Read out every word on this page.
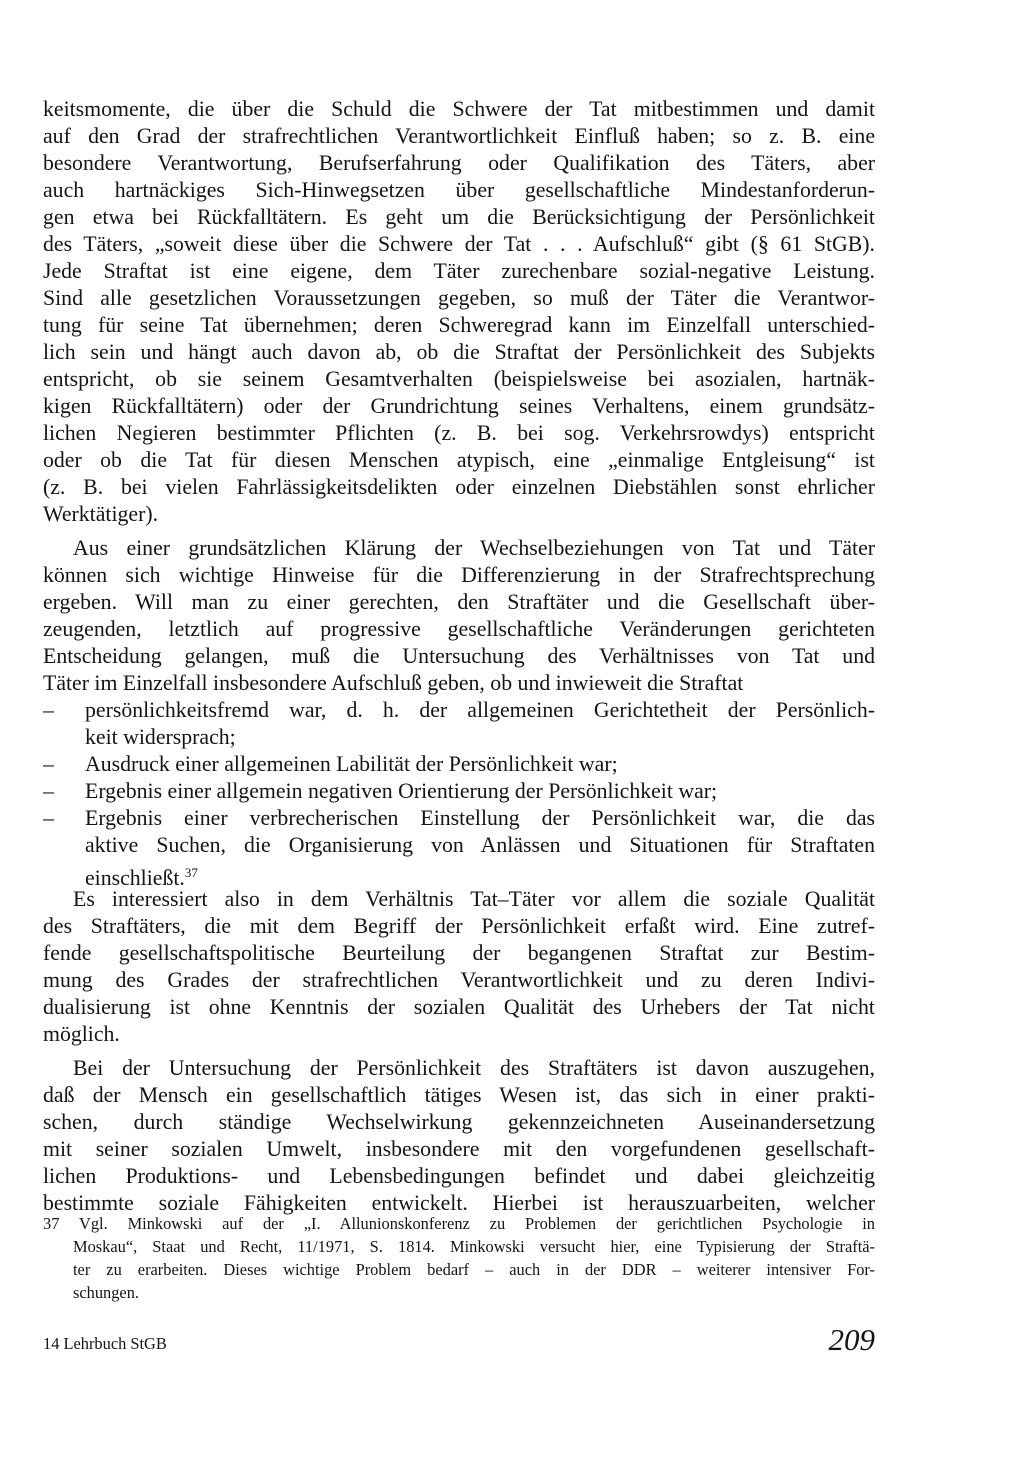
keitsmomente, die über die Schuld die Schwere der Tat mitbestimmen und damit
auf den Grad der strafrechtlichen Verantwortlichkeit Einfluß haben; so z. B. eine
besondere Verantwortung, Berufserfahrung oder Qualifikation des Täters, aber
auch hartnäckiges Sich-Hinwegsetzen über gesellschaftliche Mindestanforderun-
gen etwa bei Rückfalltätern. Es geht um die Berücksichtigung der Persönlichkeit
des Täters, „soweit diese über die Schwere der Tat . . . Aufschluß“ gibt (§ 61 StGB).
Jede Straftat ist eine eigene, dem Täter zurechenbare sozial-negative Leistung.
Sind alle gesetzlichen Voraussetzungen gegeben, so muß der Täter die Verantwor-
tung für seine Tat übernehmen; deren Schweregrad kann im Einzelfall unterschied-
lich sein und hängt auch davon ab, ob die Straftat der Persönlichkeit des Subjekts
entspricht, ob sie seinem Gesamtverhalten (beispielsweise bei asozialen, hartnäk-
kigen Rückfalltätern) oder der Grundrichtung seines Verhaltens, einem grundsätz-
lichen Negieren bestimmter Pflichten (z. B. bei sog. Verkehrsrowdys) entspricht
oder ob die Tat für diesen Menschen atypisch, eine „einmalige Entgleisung“ ist
(z. B. bei vielen Fahrlässigkeitsdelikten oder einzelnen Diebstählen sonst ehrlicher
Werktätiger).
Aus einer grundsätzlichen Klärung der Wechselbeziehungen von Tat und Täter
können sich wichtige Hinweise für die Differenzierung in der Strafrechtsprechung
ergeben. Will man zu einer gerechten, den Straftäter und die Gesellschaft über-
zeugenden, letztlich auf progressive gesellschaftliche Veränderungen gerichteten
Entscheidung gelangen, muß die Untersuchung des Verhältnisses von Tat und
Täter im Einzelfall insbesondere Aufschluß geben, ob und inwieweit die Straftat
– persönlichkeitsfremd war, d. h. der allgemeinen Gerichtetheit der Persönlich-
keit widersprach;
– Ausdruck einer allgemeinen Labilität der Persönlichkeit war;
– Ergebnis einer allgemein negativen Orientierung der Persönlichkeit war;
– Ergebnis einer verbrecherischen Einstellung der Persönlichkeit war, die das
aktive Suchen, die Organisierung von Anlässen und Situationen für Straftaten
einschließt.$^{37}$
Es interessiert also in dem Verhältnis Tat–Täter vor allem die soziale Qualität
des Straftäters, die mit dem Begriff der Persönlichkeit erfaßt wird. Eine zutref-
fende gesellschaftspolitische Beurteilung der begangenen Straftat zur Bestim-
mung des Grades der strafrechtlichen Verantwortlichkeit und zu deren Indivi-
dualisierung ist ohne Kenntnis der sozialen Qualität des Urhebers der Tat nicht
möglich.
Bei der Untersuchung der Persönlichkeit des Straftäters ist davon auszugehen,
daß der Mensch ein gesellschaftlich tätiges Wesen ist, das sich in einer prakti-
schen, durch ständige Wechselwirkung gekennzeichneten Auseinandersetzung
mit seiner sozialen Umwelt, insbesondere mit den vorgefundenen gesellschaft-
lichen Produktions- und Lebensbedingungen befindet und dabei gleichzeitig
bestimmte soziale Fähigkeiten entwickelt. Hierbei ist herauszuarbeiten, welcher
37 Vgl. Minkowski auf der „I. Allunionskonferenz zu Problemen der gerichtlichen Psychologie in
Moskau“, Staat und Recht, 11/1971, S. 1814. Minkowski versucht hier, eine Typisierung der Straftä-
ter zu erarbeiten. Dieses wichtige Problem bedarf – auch in der DDR – weiterer intensiver For-
schungen.
14 Lehrbuch StGB	209
